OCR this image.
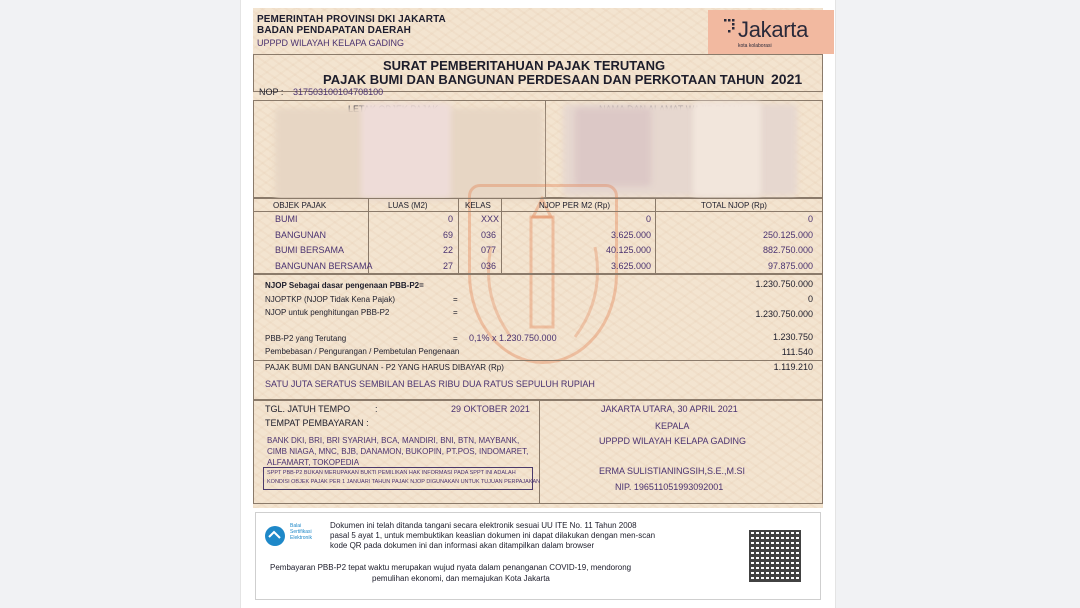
PEMERINTAH PROVINSI DKI JAKARTA
BADAN PENDAPATAN DAERAH
UPPPD WILAYAH KELAPA GADING
Jakarta
kota kolaborasi
SURAT PEMBERITAHUAN PAJAK TERUTANG
PAJAK BUMI DAN BANGUNAN PERDESAAN DAN PERKOTAAN TAHUN 2021
NOP : 317503100104708100
OBJEK PAJAK	LUAS (M2)	KELAS	NJOP PER M2 (Rp)	TOTAL NJOP (Rp)
BUMI	0	XXX	0	0
BANGUNAN	69	036	3.625.000	250.125.000
BUMI BERSAMA	22	077	40.125.000	882.750.000
BANGUNAN BERSAMA	27	036	3.625.000	97.875.000
NJOP Sebagai dasar pengenaan PBB-P2=	1.230.750.000
NJOPTKP (NJOP Tidak Kena Pajak)	=	0
NJOP untuk penghitungan PBB-P2	=	1.230.750.000
PBB-P2 yang Terutang	= 0,1% x 1.230.750.000	1.230.750
Pembebasan / Pengurangan / Pembetulan Pengenaan	111.540
PAJAK BUMI DAN BANGUNAN - P2 YANG HARUS DIBAYAR (Rp)	1.119.210
SATU JUTA SERATUS SEMBILAN BELAS RIBU DUA RATUS SEPULUH RUPIAH
TGL. JATUH TEMPO	:	29 OKTOBER 2021
TEMPAT PEMBAYARAN :
BANK DKI, BRI, BRI SYARIAH, BCA, MANDIRI, BNI, BTN, MAYBANK,
CIMB NIAGA, MNC, BJB, DANAMON, BUKOPIN, PT.POS, INDOMARET,
ALFAMART, TOKOPEDIA
SPPT PBB-P2 BUKAN MERUPAKAN BUKTI PEMILIKAN HAK INFORMASI PADA SPPT INI ADALAH
KONDISI OBJEK PAJAK PER 1 JANUARI TAHUN PAJAK NJOP DIGUNAKAN UNTUK TUJUAN PERPAJAKAN
JAKARTA UTARA, 30 APRIL 2021
KEPALA
UPPPD WILAYAH KELAPA GADING
ERMA SULISTIANINGSIH,S.E.,M.SI
NIP. 196511051993092001
Balai
Sertifikasi
Elektronik
Dokumen ini telah ditanda tangani secara elektronik sesuai UU ITE No. 11 Tahun 2008
pasal 5 ayat 1, untuk membuktikan keaslian dokumen ini dapat dilakukan dengan men-scan
kode QR pada dokumen ini dan informasi akan ditampilkan dalam browser
Pembayaran PBB-P2 tepat waktu merupakan wujud nyata dalam penanganan COVID-19, mendorong
pemulihan ekonomi, dan memajukan Kota Jakarta
